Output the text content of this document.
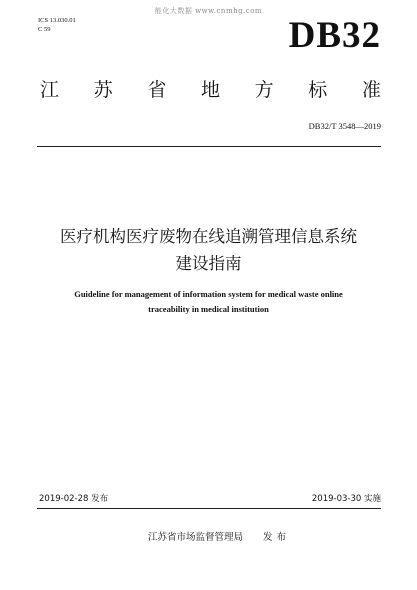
能化大数据 www.cnmhg.com
ICS 13.030.01
C 59	DB32
江 苏 省 地 方 标 准
DB32/T 3548—2019
医疗机构医疗废物在线追溯管理信息系统
建设指南
Guideline for management of information system for medical waste online
traceability in medical institution
2019-02-28 发布	2019-03-30 实施
江苏省市场监督管理局 发布
